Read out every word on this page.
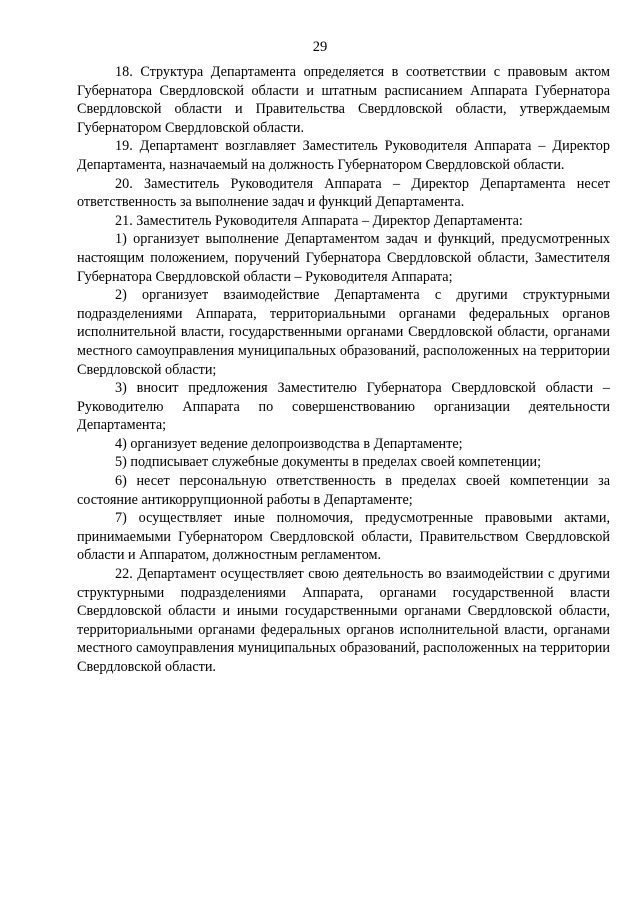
29

18. Структура Департамента определяется в соответствии с правовым актом Губернатора Свердловской области и штатным расписанием Аппарата Губернатора Свердловской области и Правительства Свердловской области, утверждаемым Губернатором Свердловской области.

19. Департамент возглавляет Заместитель Руководителя Аппарата – Директор Департамента, назначаемый на должность Губернатором Свердловской области.

20. Заместитель Руководителя Аппарата – Директор Департамента несет ответственность за выполнение задач и функций Департамента.

21. Заместитель Руководителя Аппарата – Директор Департамента:

1) организует выполнение Департаментом задач и функций, предусмотренных настоящим положением, поручений Губернатора Свердловской области, Заместителя Губернатора Свердловской области – Руководителя Аппарата;

2) организует взаимодействие Департамента с другими структурными подразделениями Аппарата, территориальными органами федеральных органов исполнительной власти, государственными органами Свердловской области, органами местного самоуправления муниципальных образований, расположенных на территории Свердловской области;

3) вносит предложения Заместителю Губернатора Свердловской области – Руководителю Аппарата по совершенствованию организации деятельности Департамента;

4) организует ведение делопроизводства в Департаменте;

5) подписывает служебные документы в пределах своей компетенции;

6) несет персональную ответственность в пределах своей компетенции за состояние антикоррупционной работы в Департаменте;

7) осуществляет иные полномочия, предусмотренные правовыми актами, принимаемыми Губернатором Свердловской области, Правительством Свердловской области и Аппаратом, должностным регламентом.

22. Департамент осуществляет свою деятельность во взаимодействии с другими структурными подразделениями Аппарата, органами государственной власти Свердловской области и иными государственными органами Свердловской области, территориальными органами федеральных органов исполнительной власти, органами местного самоуправления муниципальных образований, расположенных на территории Свердловской области.
